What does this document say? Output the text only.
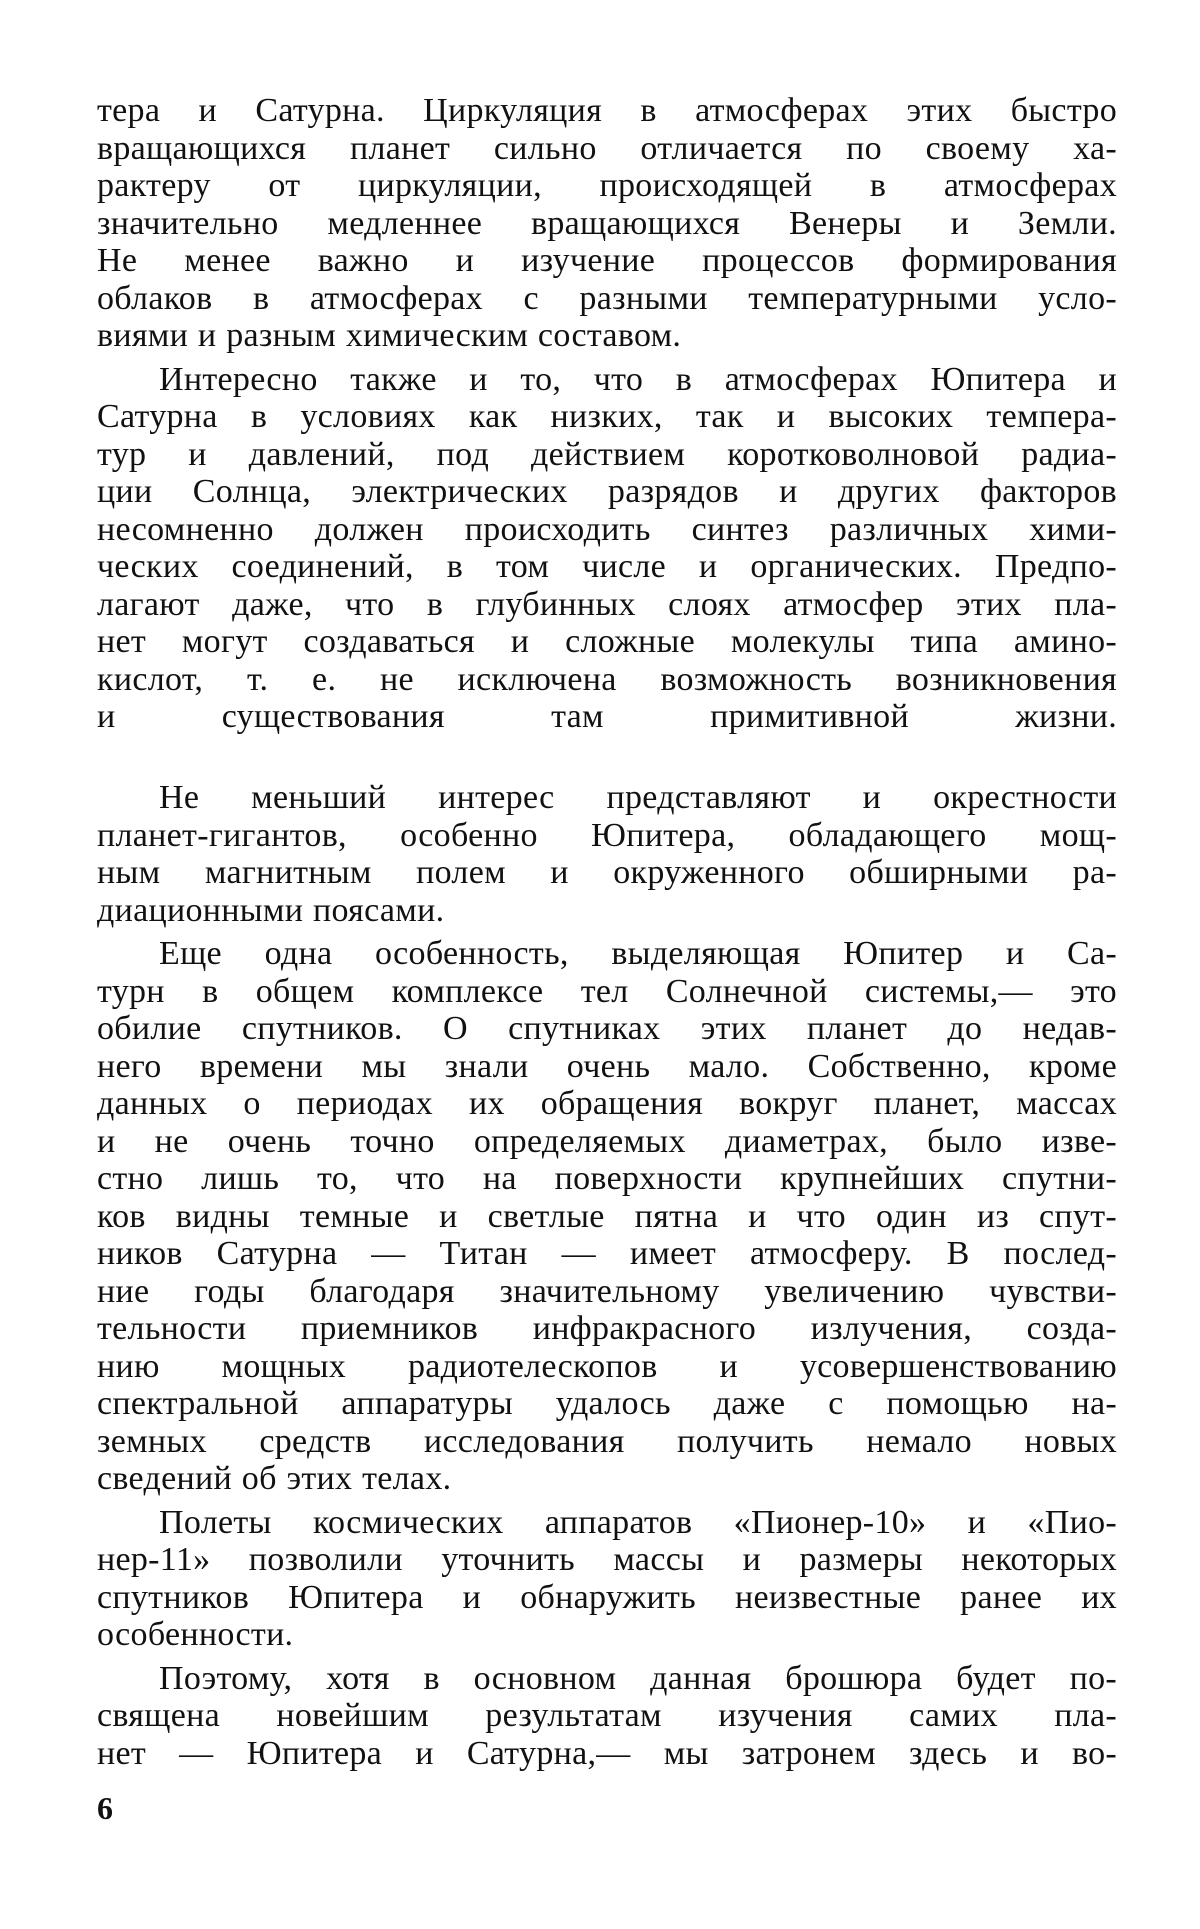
тера и Сатурна. Циркуляция в атмосферах этих быстро
вращающихся планет сильно отличается по своему ха-
рактеру от циркуляции, происходящей в атмосферах
значительно медленнее вращающихся Венеры и Земли.
Не менее важно и изучение процессов формирования
облаков в атмосферах с разными температурными усло-
виями и разным химическим составом.
Интересно также и то, что в атмосферах Юпитера и
Сатурна в условиях как низких, так и высоких темпера-
тур и давлений, под действием коротковолновой радиа-
ции Солнца, электрических разрядов и других факторов
несомненно должен происходить синтез различных хими-
ческих соединений, в том числе и органических. Предпо-
лагают даже, что в глубинных слоях атмосфер этих пла-
нет могут создаваться и сложные молекулы типа амино-
кислот, т. е. не исключена возможность возникновения
и существования там примитивной жизни.
Не меньший интерес представляют и окрестности
планет-гигантов, особенно Юпитера, обладающего мощ-
ным магнитным полем и окруженного обширными ра-
диационными поясами.
Еще одна особенность, выделяющая Юпитер и Са-
турн в общем комплексе тел Солнечной системы,— это
обилие спутников. О спутниках этих планет до недав-
него времени мы знали очень мало. Собственно, кроме
данных о периодах их обращения вокруг планет, массах
и не очень точно определяемых диаметрах, было изве-
стно лишь то, что на поверхности крупнейших спутни-
ков видны темные и светлые пятна и что один из спут-
ников Сатурна — Титан — имеет атмосферу. В послед-
ние годы благодаря значительному увеличению чувстви-
тельности приемников инфракрасного излучения, созда-
нию мощных радиотелескопов и усовершенствованию
спектральной аппаратуры удалось даже с помощью на-
земных средств исследования получить немало новых
сведений об этих телах.
Полеты космических аппаратов «Пионер-10» и «Пио-
нер-11» позволили уточнить массы и размеры некоторых
спутников Юпитера и обнаружить неизвестные ранее их
особенности.
Поэтому, хотя в основном данная брошюра будет по-
священа новейшим результатам изучения самих пла-
нет — Юпитера и Сатурна,— мы затронем здесь и во-
6
